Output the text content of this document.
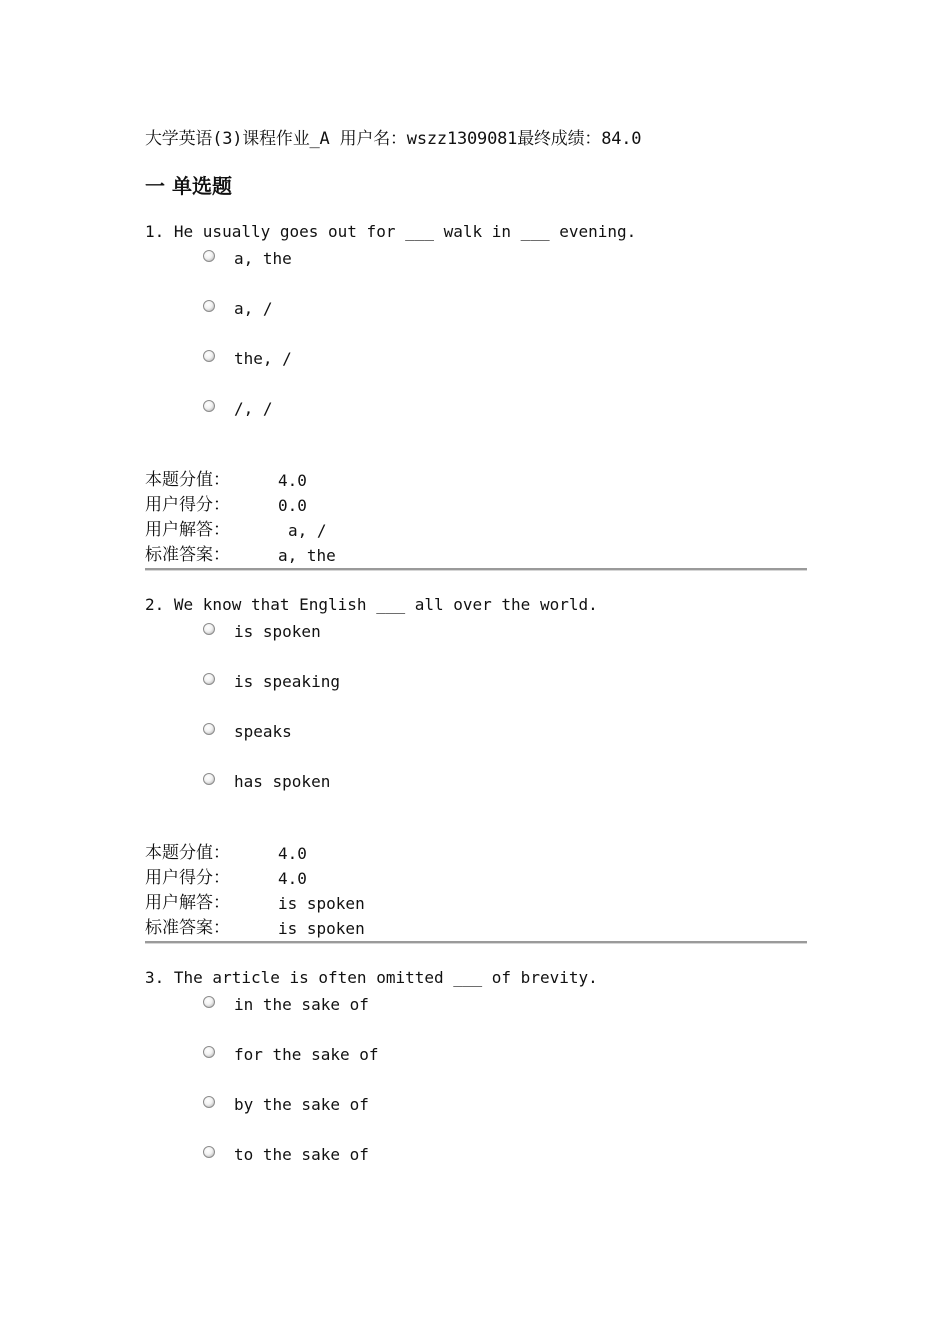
大学英语(3)课程作业_A 用户名：wszz1309081最终成绩：84.0
一 单选题
1. He usually goes out for ___ walk in ___ evening.
a, the
a, /
the, /
/, /
本题分值：	4.0
用户得分：	0.0
用户解答：	a, /
标准答案：	a, the
2. We know that English ___ all over the world.
is spoken
is speaking
speaks
has spoken
本题分值：	4.0
用户得分：	4.0
用户解答：	is spoken
标准答案：	is spoken
3. The article is often omitted ___ of brevity.
in the sake of
for the sake of
by the sake of
to the sake of
